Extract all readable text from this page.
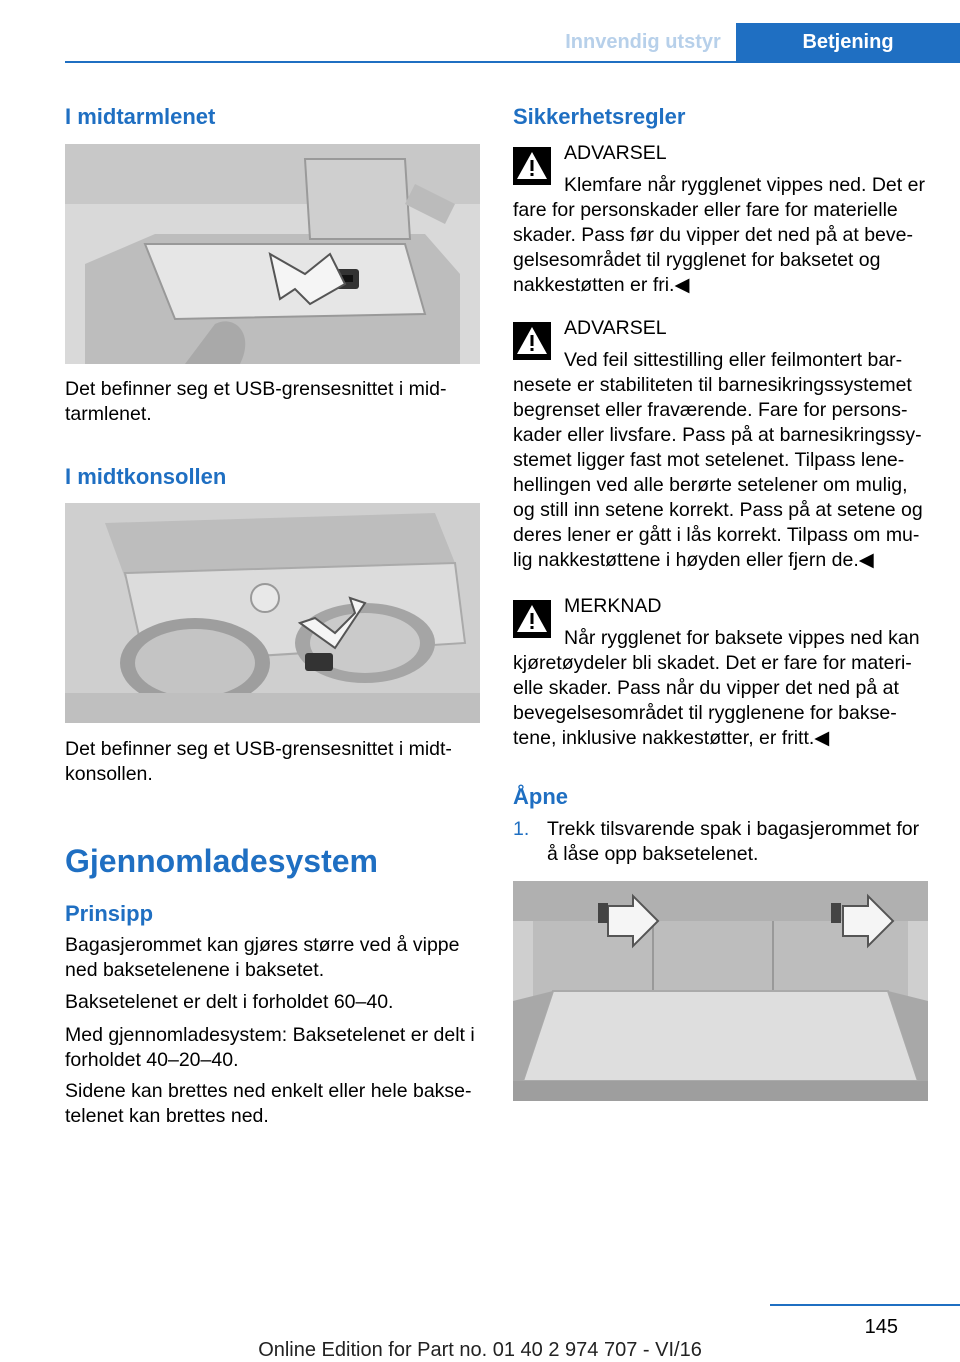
Innvendig utstyr	Betjening
I midtarmlenet

Det befinner seg et USB-grensesnittet i mid-tarmlenet.

I midtkonsollen

Det befinner seg et USB-grensesnittet i midt-konsollen.

Gjennomladesystem
Prinsipp

Bagasjerommet kan gjøres større ved å vippe ned baksetelenene i baksetet.

Baksetelenet er delt i forholdet 60–40.

Med gjennomladesystem: Baksetelenet er delt i forholdet 40–20–40.

Sidene kan brettes ned enkelt eller hele bakse-telenet kan brettes ned.

Sikkerhetsregler
ADVARSEL

Klemfare når rygglenet vippes ned. Det er fare for personskader eller fare for materielle skader. Pass før du vipper det ned på at beve-gelsesområdet til rygglenet for baksetet og nakkestøtten er fri.◀

ADVARSEL

Ved feil sittestilling eller feilmontert bar-nesete er stabiliteten til barnesikringssystemet begrenset eller fraværende. Fare for persons-kader eller livsfare. Pass på at barnesikringssy-stemet ligger fast mot setelenet. Tilpass lene-hellingen ved alle berørte setelener om mulig, og still inn setene korrekt. Pass på at setene og deres lener er gått i lås korrekt. Tilpass om mu-lig nakkestøttene i høyden eller fjern de.◀

MERKNAD

Når rygglenet for baksete vippes ned kan kjøretøydeler bli skadet. Det er fare for materi-elle skader. Pass når du vipper det ned på at bevegelsesområdet til rygglenene for bakse-tene, inklusive nakkestøtter, er fritt.◀

Åpne
1. Trekk tilsvarende spak i bagasjerommet for å låse opp baksetelenet.
145
Online Edition for Part no. 01 40 2 974 707 - VI/16
